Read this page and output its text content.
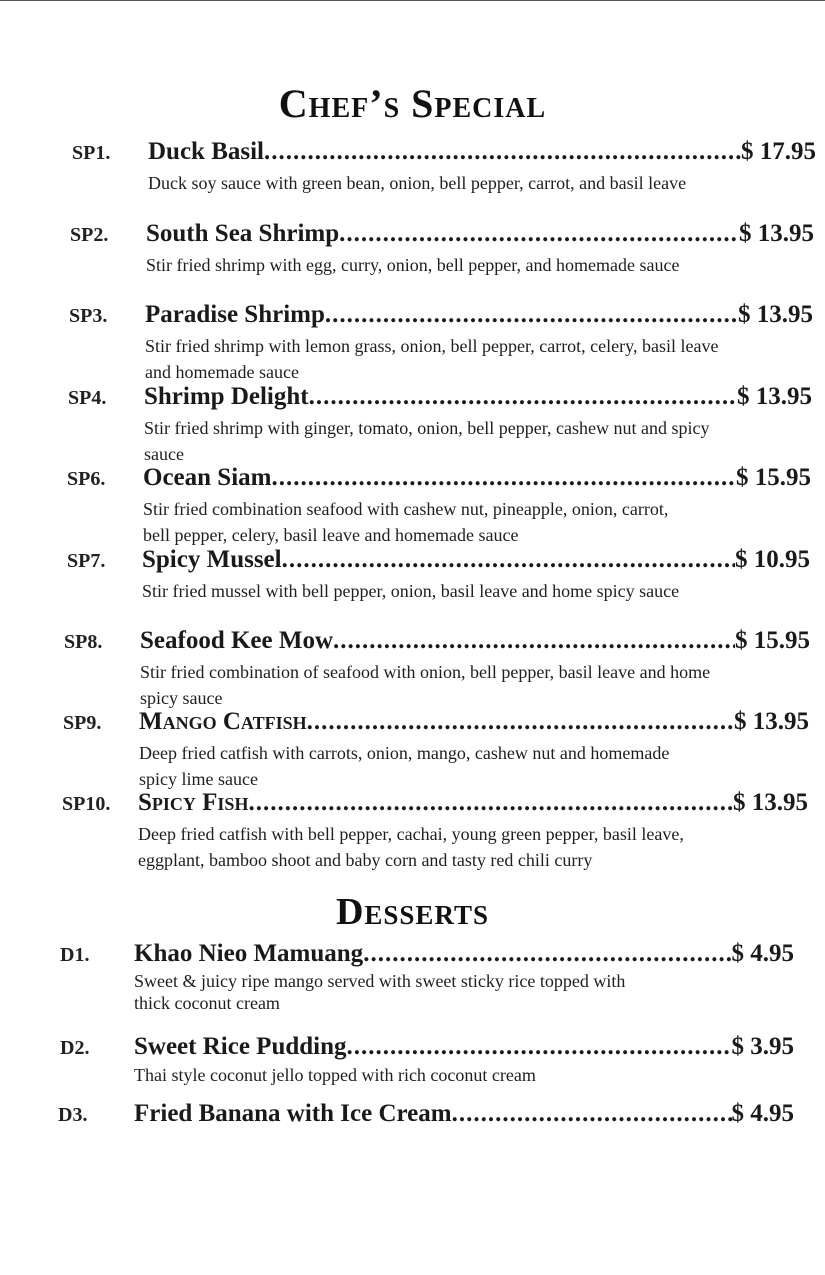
Chef’s Special
SP1. Duck Basil .....	$ 17.95
Duck soy sauce with green bean, onion, bell pepper, carrot, and basil leave
SP2. South Sea Shrimp .....	$ 13.95
Stir fried shrimp with egg, curry, onion, bell pepper, and homemade sauce
SP3. Paradise Shrimp .....	$ 13.95
Stir fried shrimp with lemon grass, onion, bell pepper, carrot, celery, basil leave and homemade sauce
SP4. Shrimp Delight .....	$ 13.95
Stir fried shrimp with ginger, tomato, onion, bell pepper, cashew nut and spicy sauce
SP6. Ocean Siam .....	$ 15.95
Stir fried combination seafood with cashew nut, pineapple, onion, carrot, bell pepper, celery, basil leave and homemade sauce
SP7. Spicy Mussel .....	$ 10.95
Stir fried mussel with bell pepper, onion, basil leave and home spicy sauce
SP8. Seafood Kee Mow .....	$ 15.95
Stir fried combination of seafood with onion, bell pepper, basil leave and home spicy sauce
SP9. Mango Catfish .....	$ 13.95
Deep fried catfish with carrots, onion, mango, cashew nut and homemade spicy lime sauce
SP10. Spicy Fish .....	$ 13.95
Deep fried catfish with bell pepper, cachai, young green pepper, basil leave, eggplant, bamboo shoot and baby corn and tasty red chili curry
Desserts
D1. Khao Nieo Mamuang .....	$ 4.95
Sweet & juicy ripe mango served with sweet sticky rice topped with thick coconut cream
D2. Sweet Rice Pudding .....	$ 3.95
Thai style coconut jello topped with rich coconut cream
D3. Fried Banana with Ice Cream .....	$ 4.95
